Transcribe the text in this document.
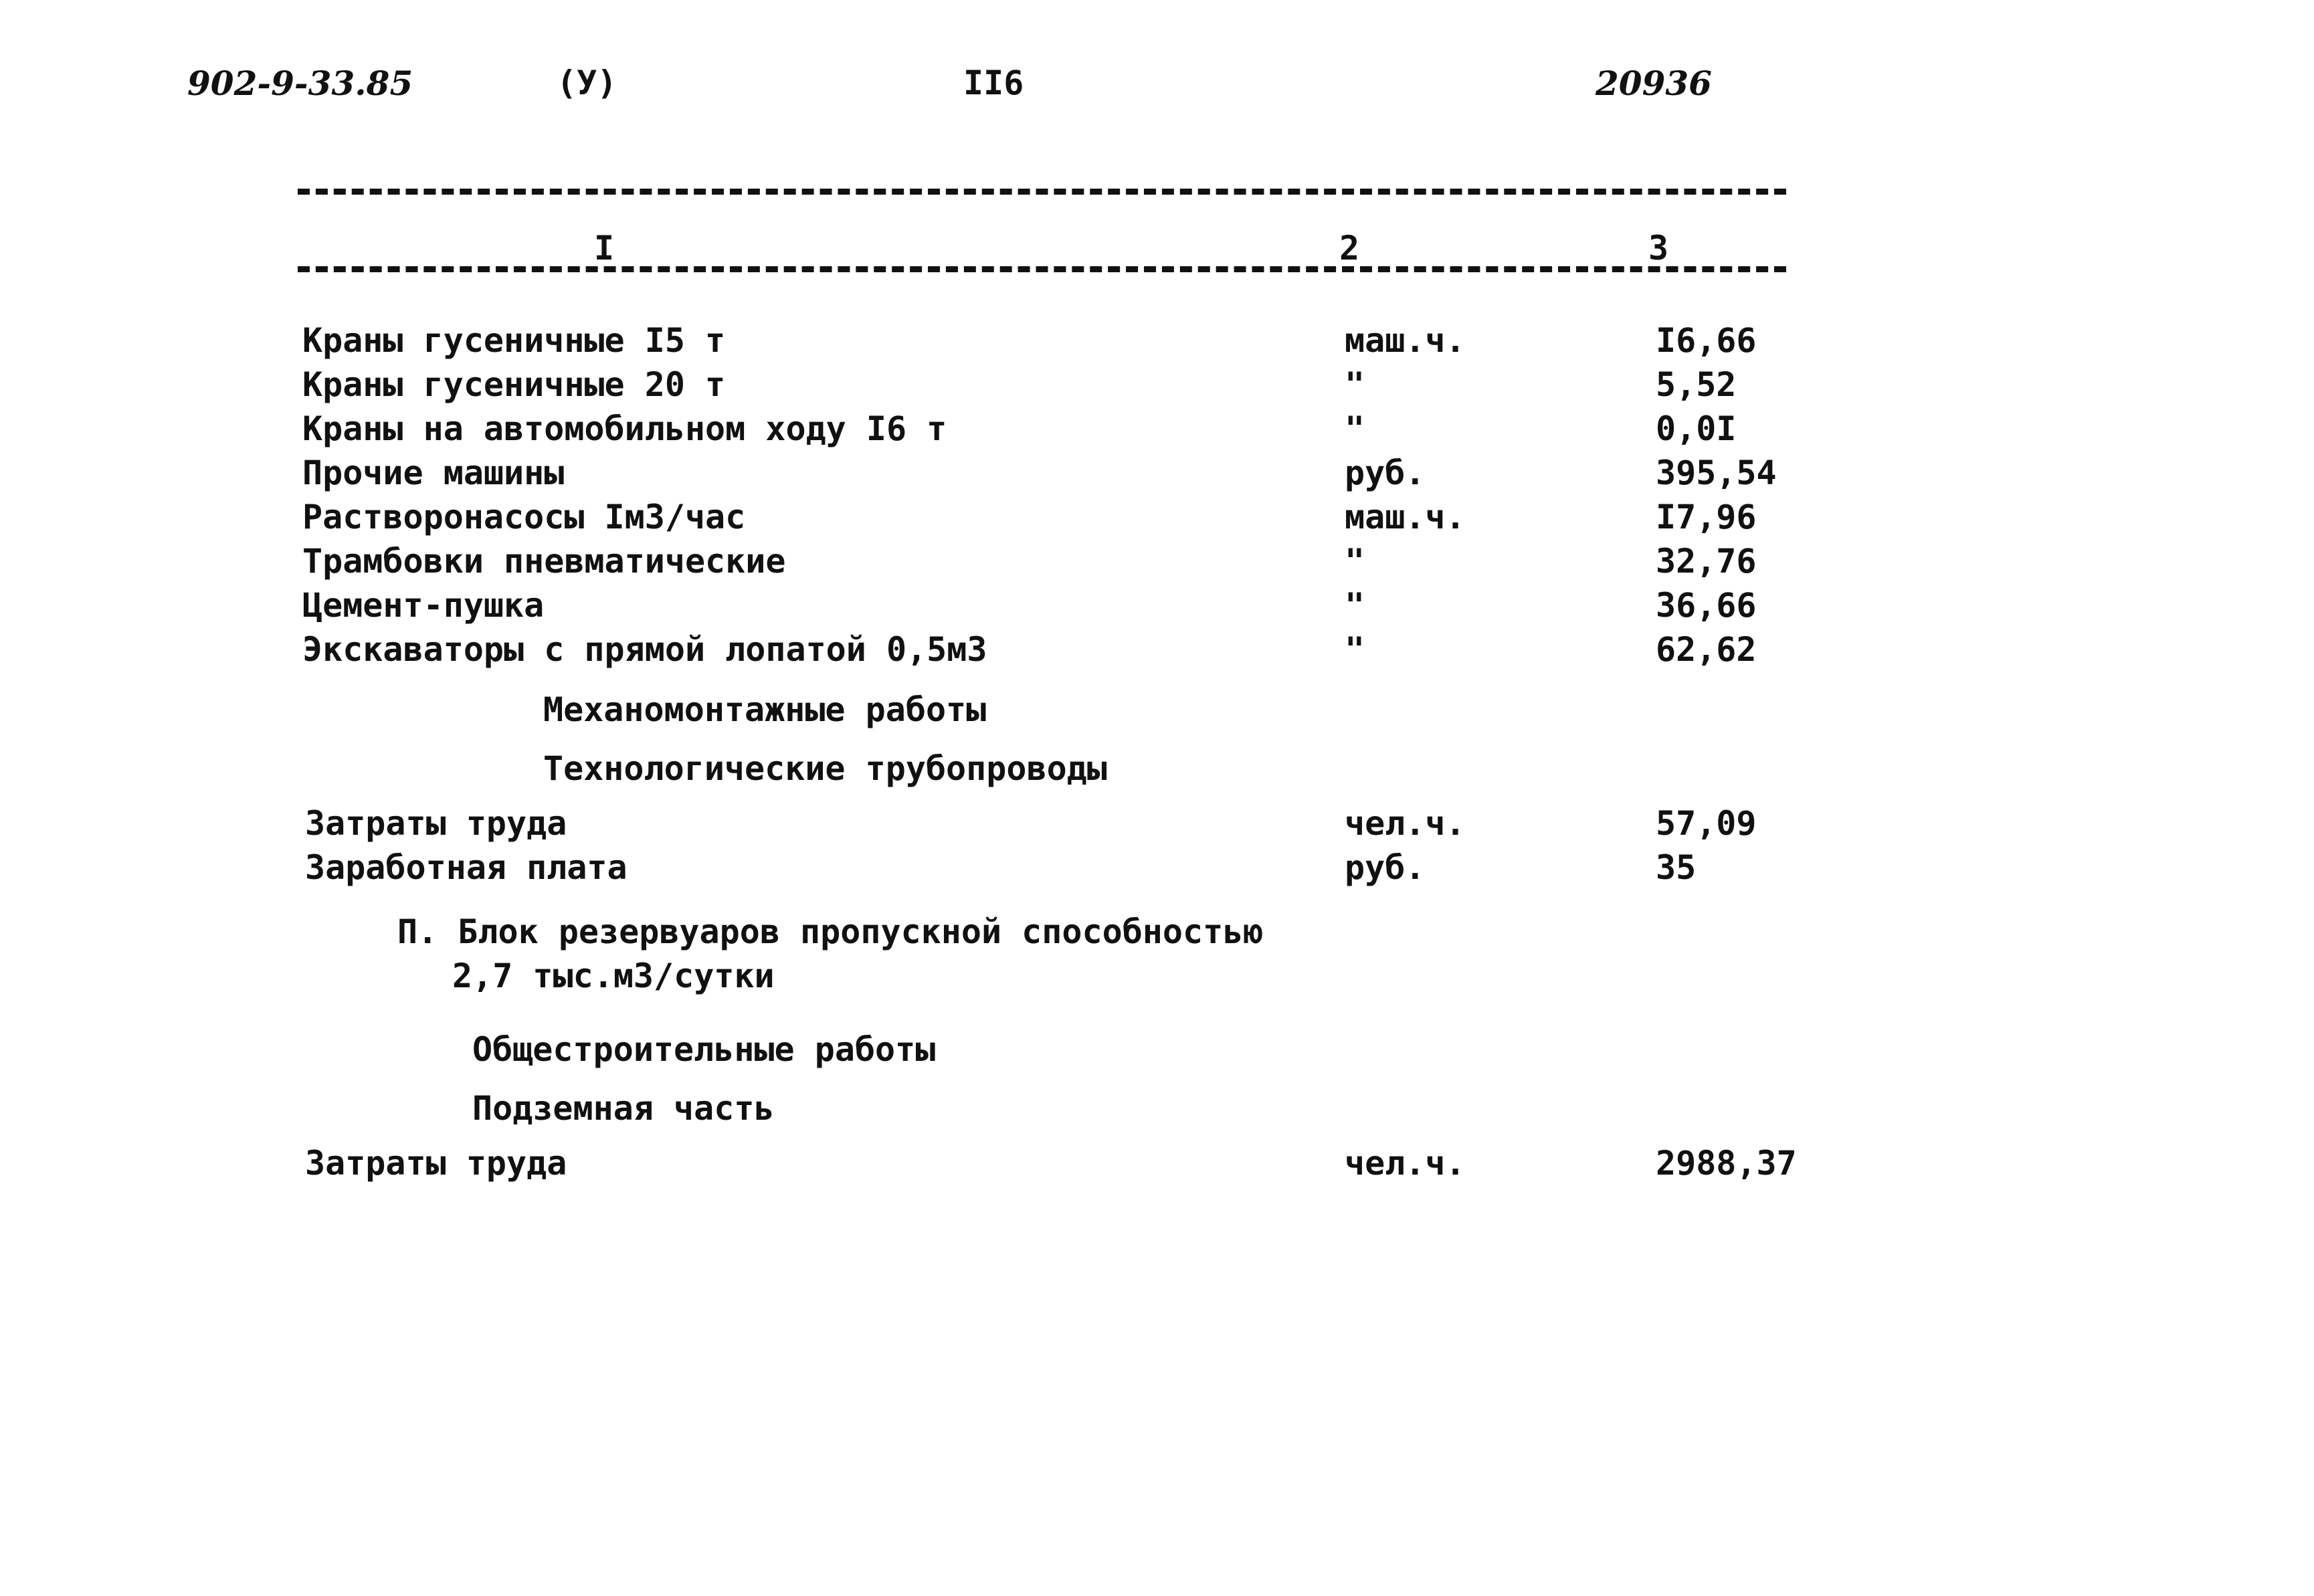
902-9-33.85	(У)	II6	20936
I	2	3
Краны гусеничные I5 т	маш.ч.	I6,66
Краны гусеничные 20 т	"	5,52
Краны на автомобильном ходу I6 т	"	0,0I
Прочие машины	руб.	395,54
Растворонасосы Iм3/час	маш.ч.	I7,96
Трамбовки пневматические	"	32,76
Цемент-пушка	"	36,66
Экскаваторы с прямой лопатой 0,5м3	"	62,62
Механомонтажные работы
Технологические трубопроводы
Затраты труда	чел.ч.	57,09
Заработная плата	руб.	35
П. Блок резервуаров пропускной способностью
2,7 тыс.м3/сутки
Общестроительные работы
Подземная часть
Затраты труда	чел.ч.	2988,37
